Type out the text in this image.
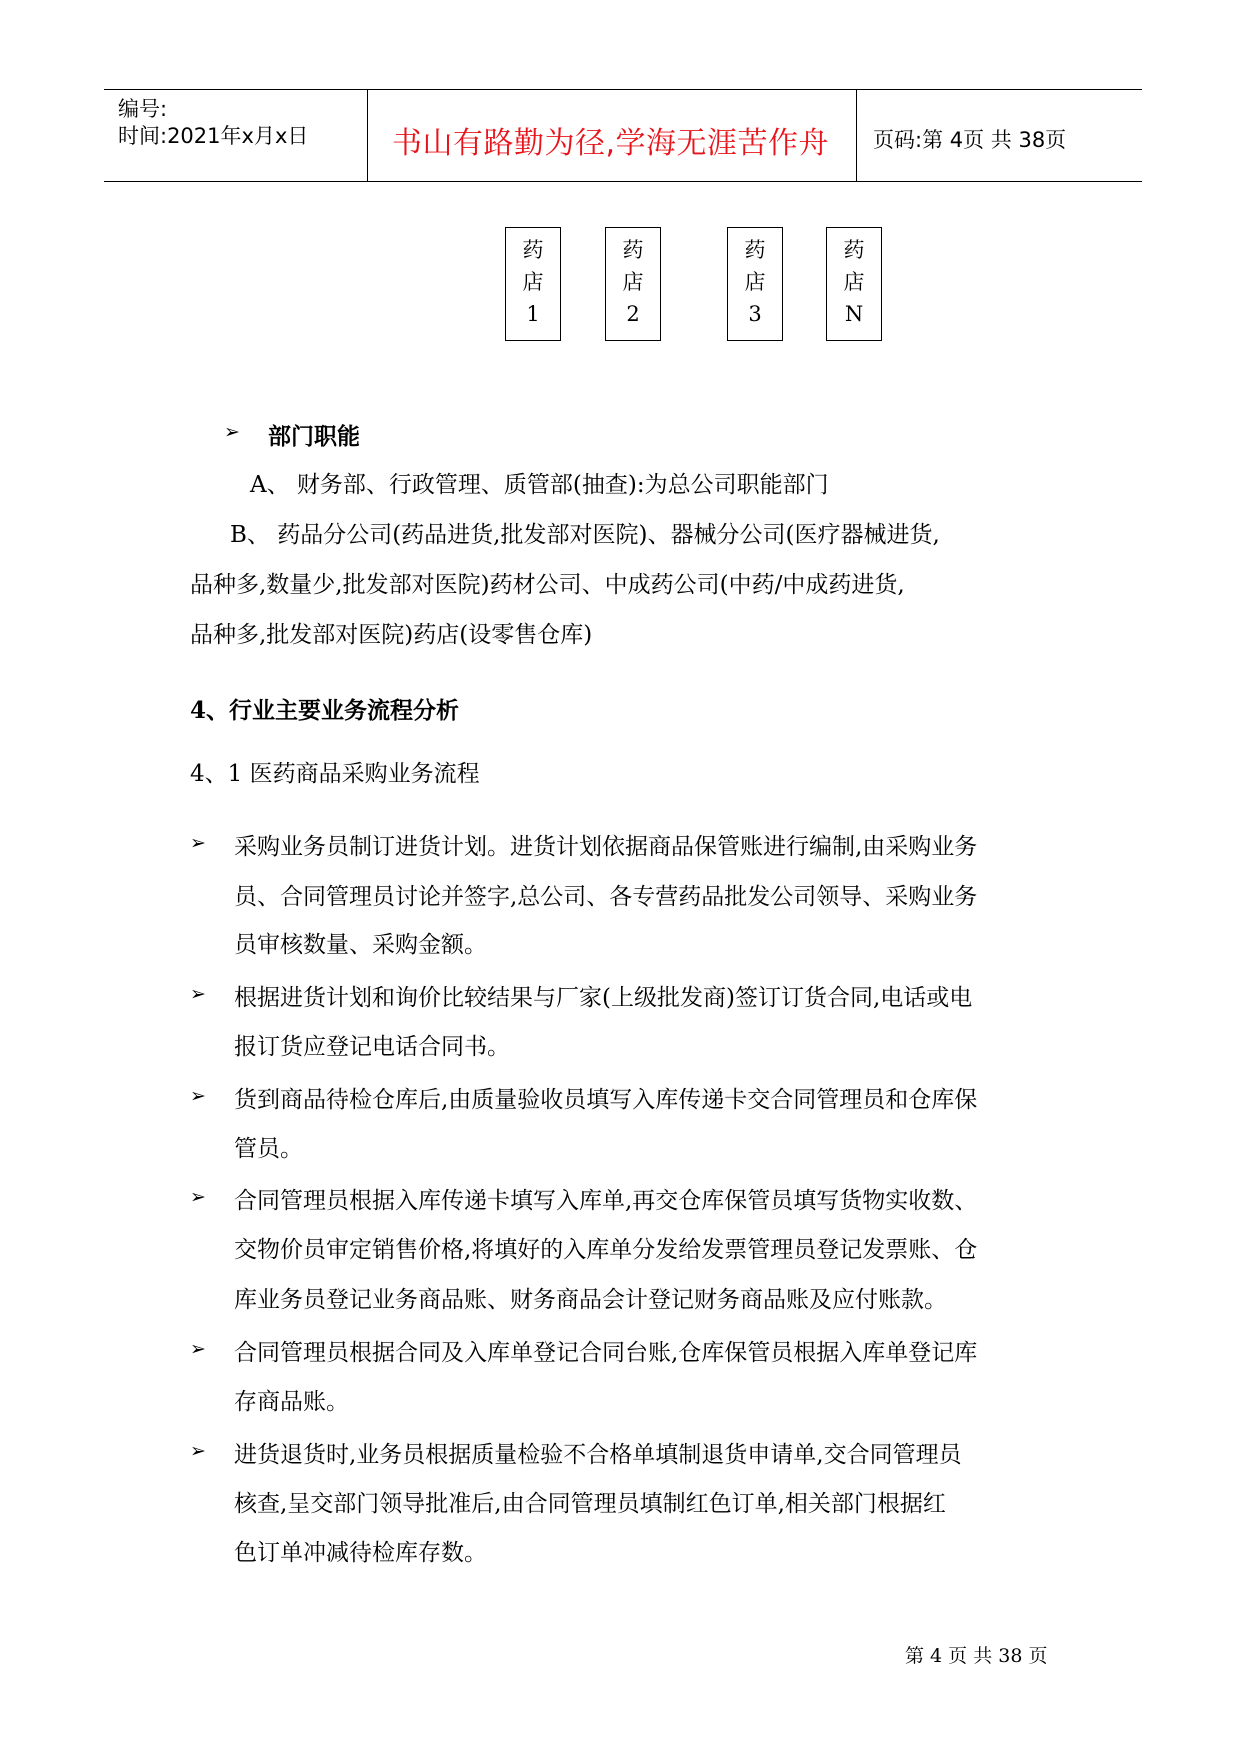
编号:
时间:2021年x月x日	书山有路勤为径,学海无涯苦作舟 页码:第 4页 共 38页
药
店
1
药
店
2
药
店
3
药
店
N
➢ 部门职能
A、 财务部、行政管理、质管部(抽查):为总公司职能部门
B、 药品分公司(药品进货,批发部对医院)、器械分公司(医疗器械进货,
品种多,数量少,批发部对医院)药材公司、中成药公司(中药/中成药进货,
品种多,批发部对医院)药店(设零售仓库)
4、行业主要业务流程分析
4、1 医药商品采购业务流程
➢ 采购业务员制订进货计划。进货计划依据商品保管账进行编制,由采购业务
员、合同管理员讨论并签字,总公司、各专营药品批发公司领导、采购业务
员审核数量、采购金额。
➢ 根据进货计划和询价比较结果与厂家(上级批发商)签订订货合同,电话或电
报订货应登记电话合同书。
➢ 货到商品待检仓库后,由质量验收员填写入库传递卡交合同管理员和仓库保
管员。
➢ 合同管理员根据入库传递卡填写入库单,再交仓库保管员填写货物实收数、
交物价员审定销售价格,将填好的入库单分发给发票管理员登记发票账、仓
库业务员登记业务商品账、财务商品会计登记财务商品账及应付账款。
➢ 合同管理员根据合同及入库单登记合同台账,仓库保管员根据入库单登记库
存商品账。
➢ 进货退货时,业务员根据质量检验不合格单填制退货申请单,交合同管理员
核查,呈交部门领导批准后,由合同管理员填制红色订单,相关部门根据红
色订单冲减待检库存数。
第 4 页 共 38 页
